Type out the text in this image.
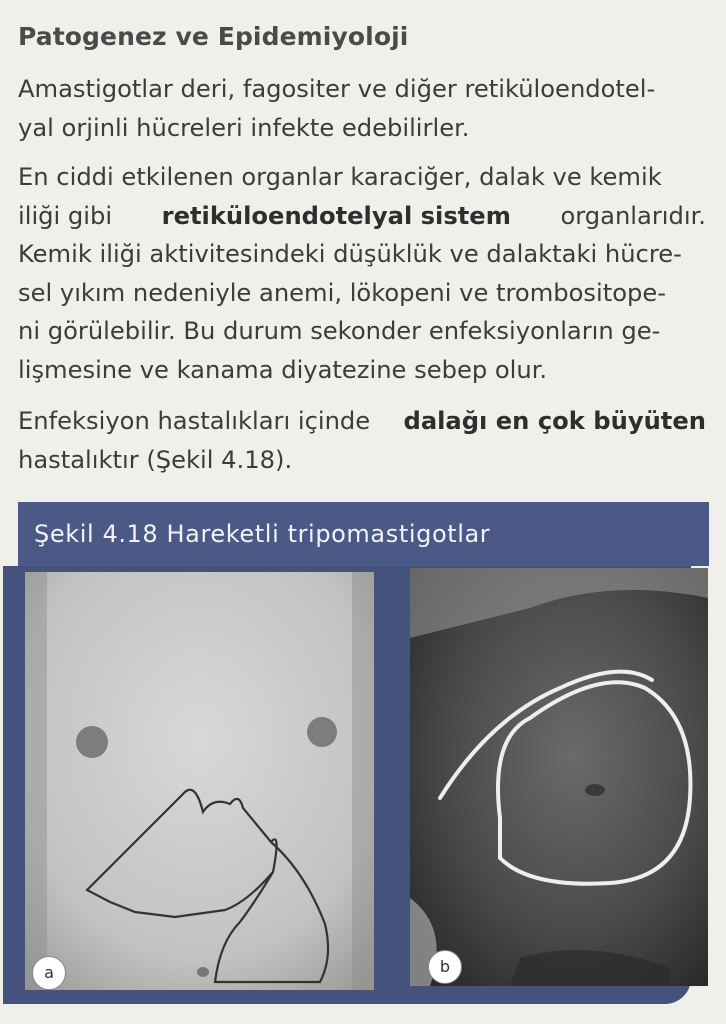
Patogenez ve Epidemiyoloji
Amastigotlar deri, fagositer ve diğer retiküloendotel-
yal orjinli hücreleri infekte edebilirler.
En ciddi etkilenen organlar karaciğer, dalak ve kemik
iliği gibi retiküloendotelyal sistem organlarıdır.
Kemik iliği aktivitesindeki düşüklük ve dalaktaki hücre-
sel yıkım nedeniyle anemi, lökopeni ve trombositope-
ni görülebilir. Bu durum sekonder enfeksiyonların ge-
lişmesine ve kanama diyatezine sebep olur.
Enfeksiyon hastalıkları içinde dalağı en çok büyüten
hastalıktır (Şekil 4.18).
Şekil 4.18 Hareketli tripomastigotlar
a	b
